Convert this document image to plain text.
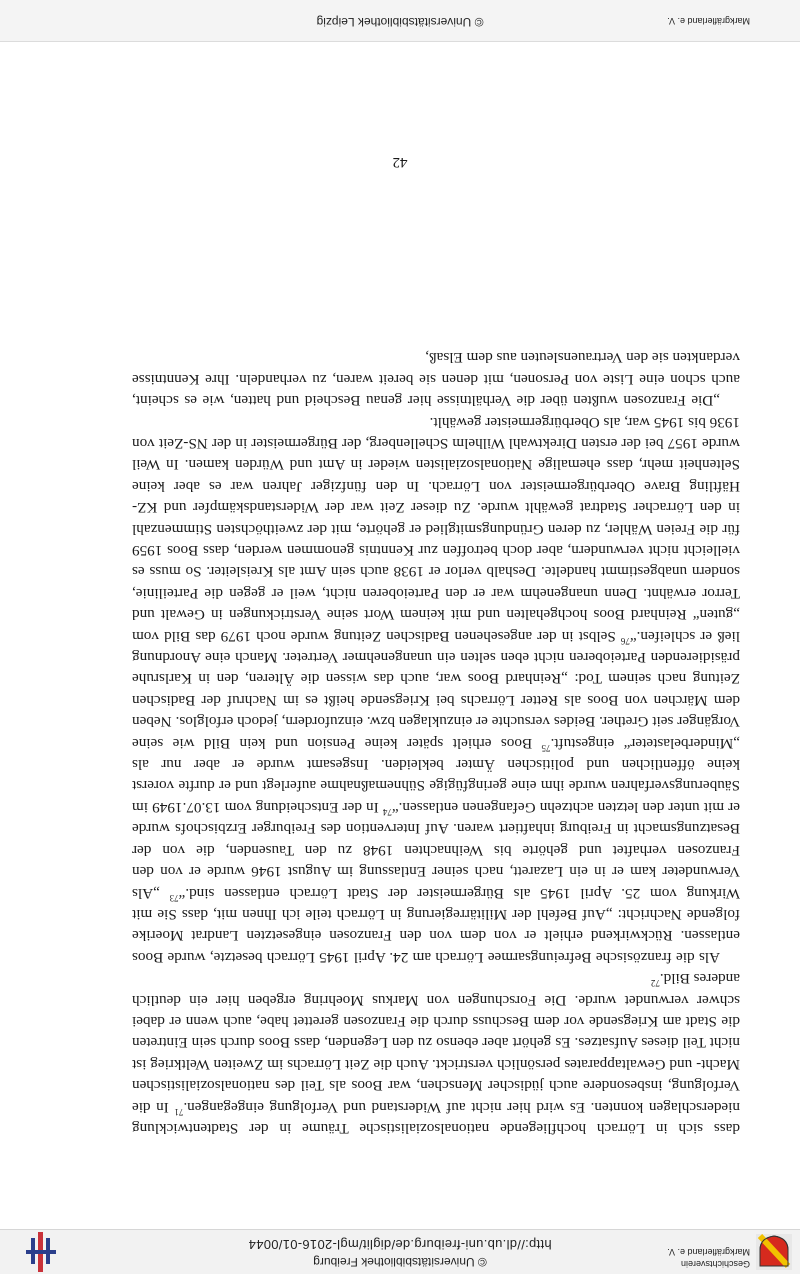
Geschichtsverein
Markgräflerland e. V.
© Universitätsbibliothek Freiburg
http://dl.ub.uni-freiburg.de/diglit/mgl-2016-01/0044

dass sich in Lörrach hochfliegende nationalsozialistische Träume in der Stadtentwicklung niederschlagen konnten. Es wird hier nicht auf Widerstand und Verfolgung eingegangen.$^{71}$ In die Verfolgung, insbesondere auch jüdischer Menschen, war Boos als Teil des nationalsozialistischen Macht- und Gewaltapparates persönlich verstrickt. Auch die Zeit Lörrachs im Zweiten Weltkrieg ist nicht Teil dieses Aufsatzes. Es gehört aber ebenso zu den Legenden, dass Boos durch sein Eintreten die Stadt am Kriegsende vor dem Beschuss durch die Franzosen gerettet habe, auch wenn er dabei schwer verwundet wurde. Die Forschungen von Markus Moehring ergeben hier ein deutlich anderes Bild.$^{72}$

Als die französische Befreiungsarmee Lörrach am 24. April 1945 Lörrach besetzte, wurde Boos entlassen. Rückwirkend erhielt er von dem von den Franzosen eingesetzten Landrat Moerike folgende Nachricht: „Auf Befehl der Militärregierung in Lörrach teile ich Ihnen mit, dass Sie mit Wirkung vom 25. April 1945 als Bürgermeister der Stadt Lörrach entlassen sind.“$^{73}$ „Als Verwundeter kam er in ein Lazarett, nach seiner Entlassung im August 1946 wurde er von den Franzosen verhaftet und gehörte bis Weihnachten 1948 zu den Tausenden, die von der Besatzungsmacht in Freiburg inhaftiert waren. Auf Intervention des Freiburger Erzbischofs wurde er mit unter den letzten achtzehn Gefangenen entlassen.“$^{74}$ In der Entscheidung vom 13.07.1949 im Säuberungsverfahren wurde ihm eine geringfügige Sühnemaßnahme auferlegt und er durfte vorerst keine öffentlichen und politischen Ämter bekleiden. Insgesamt wurde er aber nur als „Minderbelasteter“ eingestuft.$^{75}$ Boos erhielt später keine Pension und kein Bild wie seine Vorgänger seit Grether. Beides versuchte er einzuklagen bzw. einzufordern, jedoch erfolglos. Neben dem Märchen von Boos als Retter Lörrachs bei Kriegsende heißt es im Nachruf der Badischen Zeitung nach seinem Tod: „Reinhard Boos war, auch das wissen die Älteren, den in Karlsruhe präsidierenden Parteioberen nicht eben selten ein unangenehmer Vertreter. Manch eine Anordnung ließ er schleifen.“$^{76}$ Selbst in der angesehenen Badischen Zeitung wurde noch 1979 das Bild vom „guten“ Reinhard Boos hochgehalten und mit keinem Wort seine Verstrickungen in Gewalt und Terror erwähnt. Denn unangenehm war er den Parteioberen nicht, weil er gegen die Parteilinie, sondern unabgestimmt handelte. Deshalb verlor er 1938 auch sein Amt als Kreisleiter. So muss es vielleicht nicht verwundern, aber doch betroffen zur Kenntnis genommen werden, dass Boos 1959 für die Freien Wähler, zu deren Gründungsmitglied er gehörte, mit der zweithöchsten Stimmenzahl in den Lörracher Stadtrat gewählt wurde. Zu dieser Zeit war der Widerstandskämpfer und KZ-Häftling Brave Oberbürgermeister von Lörrach. In den fünfziger Jahren war es aber keine Seltenheit mehr, dass ehemalige Nationalsozialisten wieder in Amt und Würden kamen. In Weil wurde 1957 bei der ersten Direktwahl Wilhelm Schellenberg, der Bürgermeister in der NS-Zeit von 1936 bis 1945 war, als Oberbürgermeister gewählt.

„Die Franzosen wußten über die Verhältnisse hier genau Bescheid und hatten, wie es scheint, auch schon eine Liste von Personen, mit denen sie bereit waren, zu verhandeln. Ihre Kenntnisse verdankten sie den Vertrauensleuten aus dem Elsaß,

42
Markgräflerland e. V.
© Universitätsbibliothek Leipzig
